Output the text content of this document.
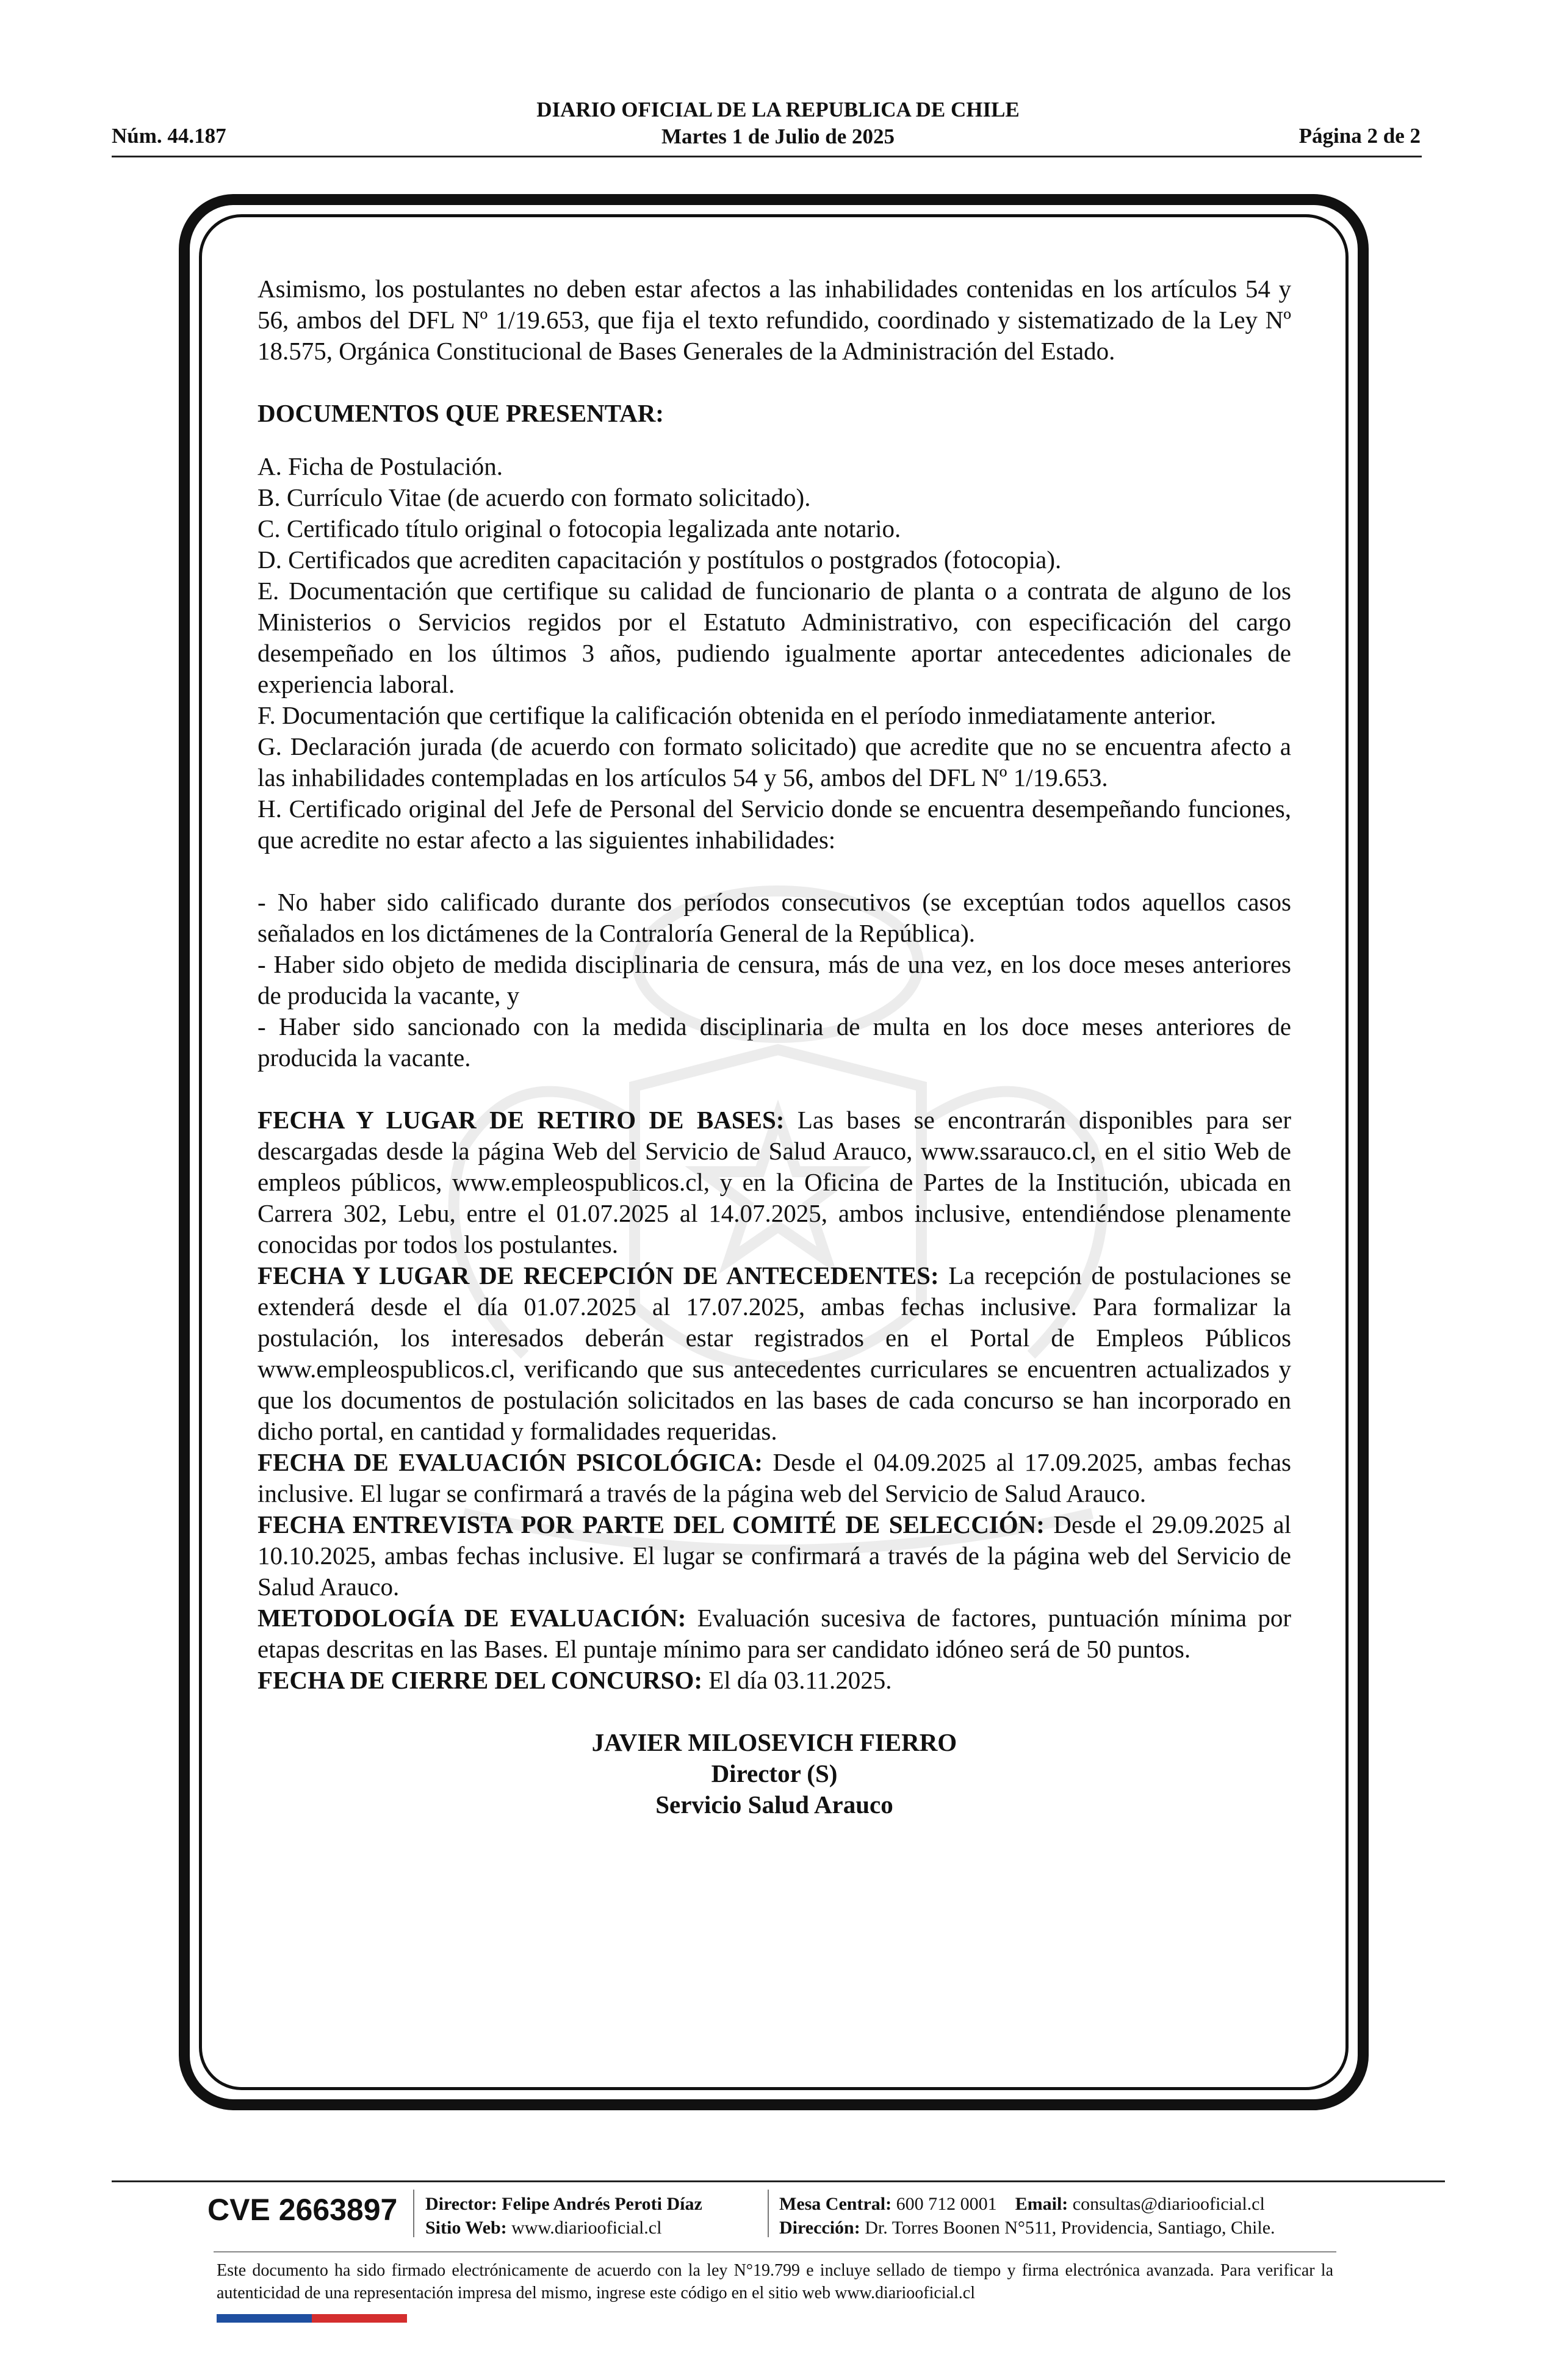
DIARIO OFICIAL DE LA REPUBLICA DE CHILE
Martes 1 de Julio de 2025
Núm. 44.187	Página 2 de 2

Asimismo, los postulantes no deben estar afectos a las inhabilidades contenidas en los artículos 54 y 56, ambos del DFL Nº 1/19.653, que fija el texto refundido, coordinado y sistematizado de la Ley Nº 18.575, Orgánica Constitucional de Bases Generales de la Administración del Estado.

DOCUMENTOS QUE PRESENTAR:

A. Ficha de Postulación.

B. Currículo Vitae (de acuerdo con formato solicitado).

C. Certificado título original o fotocopia legalizada ante notario.

D. Certificados que acrediten capacitación y postítulos o postgrados (fotocopia).

E. Documentación que certifique su calidad de funcionario de planta o a contrata de alguno de los Ministerios o Servicios regidos por el Estatuto Administrativo, con especificación del cargo desempeñado en los últimos 3 años, pudiendo igualmente aportar antecedentes adicionales de experiencia laboral.

F. Documentación que certifique la calificación obtenida en el período inmediatamente anterior.

G. Declaración jurada (de acuerdo con formato solicitado) que acredite que no se encuentra afecto a las inhabilidades contempladas en los artículos 54 y 56, ambos del DFL Nº 1/19.653.

H. Certificado original del Jefe de Personal del Servicio donde se encuentra desempeñando funciones, que acredite no estar afecto a las siguientes inhabilidades:

- No haber sido calificado durante dos períodos consecutivos (se exceptúan todos aquellos casos señalados en los dictámenes de la Contraloría General de la República).

- Haber sido objeto de medida disciplinaria de censura, más de una vez, en los doce meses anteriores de producida la vacante, y

- Haber sido sancionado con la medida disciplinaria de multa en los doce meses anteriores de producida la vacante.

FECHA Y LUGAR DE RETIRO DE BASES: Las bases se encontrarán disponibles para ser descargadas desde la página Web del Servicio de Salud Arauco, www.ssarauco.cl, en el sitio Web de empleos públicos, www.empleospublicos.cl, y en la Oficina de Partes de la Institución, ubicada en Carrera 302, Lebu, entre el 01.07.2025 al 14.07.2025, ambos inclusive, entendiéndose plenamente conocidas por todos los postulantes.

FECHA Y LUGAR DE RECEPCIÓN DE ANTECEDENTES: La recepción de postulaciones se extenderá desde el día 01.07.2025 al 17.07.2025, ambas fechas inclusive. Para formalizar la postulación, los interesados deberán estar registrados en el Portal de Empleos Públicos www.empleospublicos.cl, verificando que sus antecedentes curriculares se encuentren actualizados y que los documentos de postulación solicitados en las bases de cada concurso se han incorporado en dicho portal, en cantidad y formalidades requeridas.

FECHA DE EVALUACIÓN PSICOLÓGICA: Desde el 04.09.2025 al 17.09.2025, ambas fechas inclusive. El lugar se confirmará a través de la página web del Servicio de Salud Arauco.

FECHA ENTREVISTA POR PARTE DEL COMITÉ DE SELECCIÓN: Desde el 29.09.2025 al 10.10.2025, ambas fechas inclusive. El lugar se confirmará a través de la página web del Servicio de Salud Arauco.

METODOLOGÍA DE EVALUACIÓN: Evaluación sucesiva de factores, puntuación mínima por etapas descritas en las Bases. El puntaje mínimo para ser candidato idóneo será de 50 puntos.

FECHA DE CIERRE DEL CONCURSO: El día 03.11.2025.

JAVIER MILOSEVICH FIERRO
Director (S)
Servicio Salud Arauco
CVE 2663897 Director: Felipe Andrés Peroti Díaz
Sitio Web: www.diariooficial.cl
Mesa Central: 600 712 0001 Email: consultas@diariooficial.cl
Dirección: Dr. Torres Boonen N°511, Providencia, Santiago, Chile.
Este documento ha sido firmado electrónicamente de acuerdo con la ley N°19.799 e incluye sellado de tiempo y firma electrónica avanzada. Para verificar la autenticidad de una representación impresa del mismo, ingrese este código en el sitio web www.diariooficial.cl
